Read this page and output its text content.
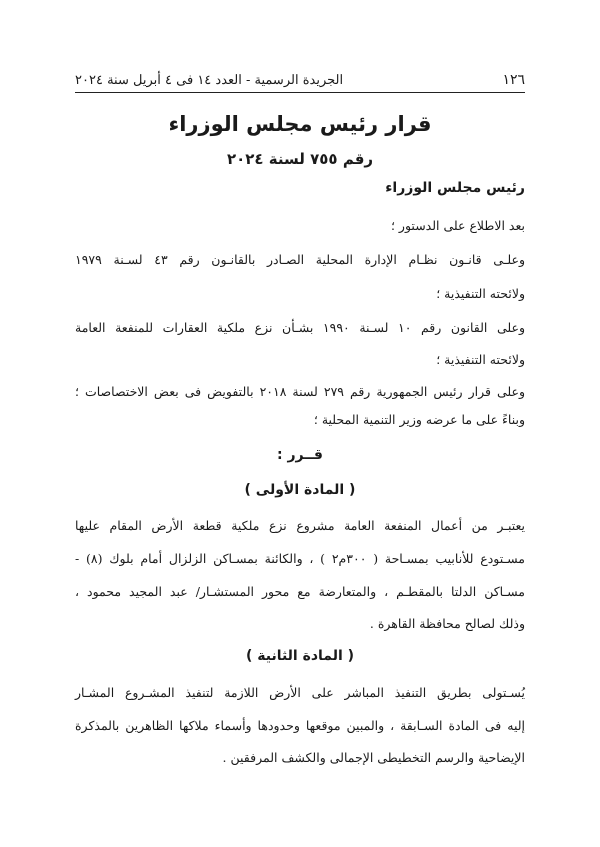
١٢٦
الجريدة الرسمية - العدد ١٤ فى ٤ أبريل سنة ٢٠٢٤
قرار رئيس مجلس الوزراء
رقم ٧٥٥ لسنة ٢٠٢٤
رئيس مجلس الوزراء
بعد الاطلاع على الدستور ؛
وعلـى قانـون نظـام الإدارة المحلية الصـادر بالقانـون رقم ٤٣ لسـنة ١٩٧٩
ولائحته التنفيذية ؛
وعلى القانون رقم ١٠ لسـنة ١٩٩٠ بشـأن نزع ملكية العقارات للمنفعة العامة
ولائحته التنفيذية ؛
وعلى قرار رئيس الجمهورية رقم ٢٧٩ لسنة ٢٠١٨ بالتفويض فى بعض الاختصاصات ؛
وبناءً على ما عرضه وزير التنمية المحلية ؛
قــرر :
( المادة الأولى )
يعتبـر من أعمال المنفعة العامة مشروع نزع ملكية قطعة الأرض المقام عليها
مسـتودع للأنابيب بمسـاحة ( ٣٠٠م٢ ) ، والكائنة بمسـاكن الزلزال أمام بلوك (٨) -
مسـاكن الدلتا بالمقطـم ، والمتعارضة مع محور المستشـار/ عبد المجيد محمود ،
وذلك لصالح محافظة القاهرة .
( المادة الثانية )
يُسـتولى بطريق التنفيذ المباشر على الأرض اللازمة لتنفيذ المشـروع المشـار
إليه فى المادة السـابقة ، والمبين موقعها وحدودها وأسماء ملاكها الظاهرين بالمذكرة
الإيضاحية والرسم التخطيطى الإجمالى والكشف المرفقين .
